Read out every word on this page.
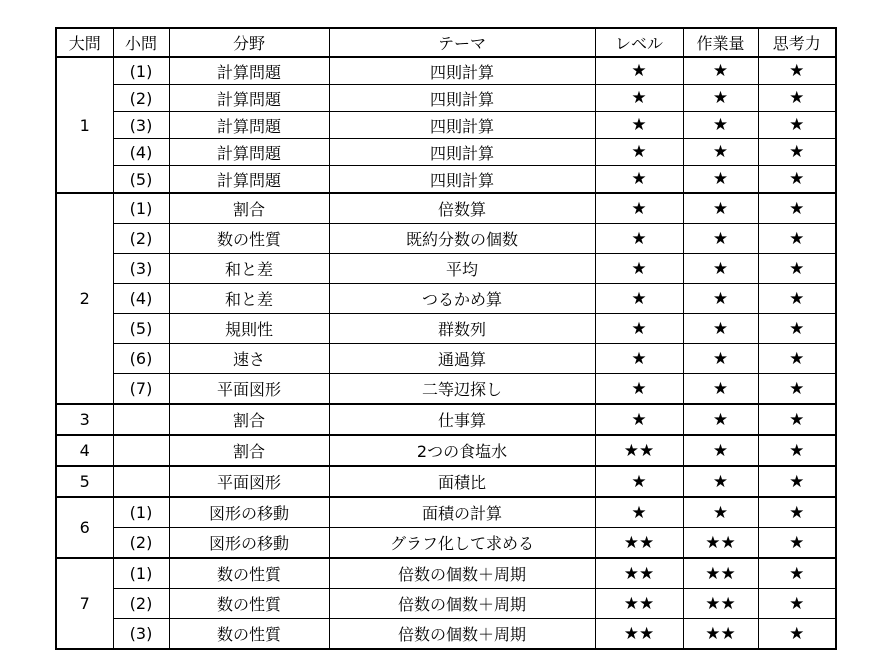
大問	小問	分野	テーマ	レベル	作業量	思考力
1	(1)	計算問題	四則計算	★	★	★
	(2)	計算問題	四則計算	★	★	★
	(3)	計算問題	四則計算	★	★	★
	(4)	計算問題	四則計算	★	★	★
	(5)	計算問題	四則計算	★	★	★
2	(1)	割合	倍数算	★	★	★
	(2)	数の性質	既約分数の個数	★	★	★
	(3)	和と差	平均	★	★	★
	(4)	和と差	つるかめ算	★	★	★
	(5)	規則性	群数列	★	★	★
	(6)	速さ	通過算	★	★	★
	(7)	平面図形	二等辺探し	★	★	★
3		割合	仕事算	★	★	★
4		割合	2つの食塩水	★★	★	★
5		平面図形	面積比	★	★	★
6	(1)	図形の移動	面積の計算	★	★	★
	(2)	図形の移動	グラフ化して求める	★★	★★	★
7	(1)	数の性質	倍数の個数＋周期	★★	★★	★
	(2)	数の性質	倍数の個数＋周期	★★	★★	★
	(3)	数の性質	倍数の個数＋周期	★★	★★	★
